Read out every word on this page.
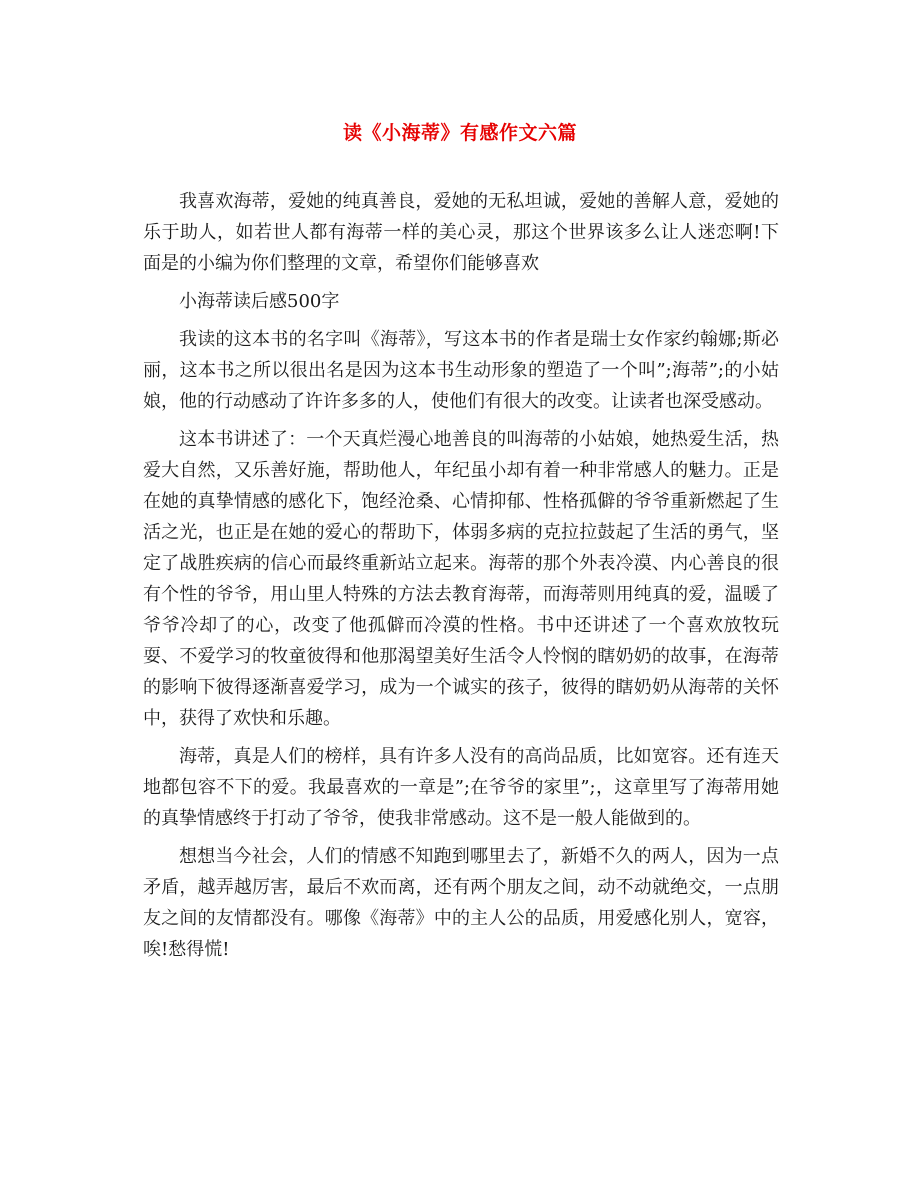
读《小海蒂》有感作文六篇

我喜欢海蒂，爱她的纯真善良，爱她的无私坦诚，爱她的善解人意，爱她的乐于助人，如若世人都有海蒂一样的美心灵，那这个世界该多么让人迷恋啊!下面是的小编为你们整理的文章，希望你们能够喜欢

小海蒂读后感500字

我读的这本书的名字叫《海蒂》，写这本书的作者是瑞士女作家约翰娜;斯必丽，这本书之所以很出名是因为这本书生动形象的塑造了一个叫”;海蒂”;的小姑娘，他的行动感动了许许多多的人，使他们有很大的改变。让读者也深受感动。

这本书讲述了：一个天真烂漫心地善良的叫海蒂的小姑娘，她热爱生活，热爱大自然，又乐善好施，帮助他人，年纪虽小却有着一种非常感人的魅力。正是在她的真挚情感的感化下，饱经沧桑、心情抑郁、性格孤僻的爷爷重新燃起了生活之光，也正是在她的爱心的帮助下，体弱多病的克拉拉鼓起了生活的勇气，坚定了战胜疾病的信心而最终重新站立起来。海蒂的那个外表冷漠、内心善良的很有个性的爷爷，用山里人特殊的方法去教育海蒂，而海蒂则用纯真的爱，温暖了爷爷冷却了的心，改变了他孤僻而冷漠的性格。书中还讲述了一个喜欢放牧玩耍、不爱学习的牧童彼得和他那渴望美好生活令人怜悯的瞎奶奶的故事，在海蒂的影响下彼得逐渐喜爱学习，成为一个诚实的孩子，彼得的瞎奶奶从海蒂的关怀中，获得了欢快和乐趣。

海蒂，真是人们的榜样，具有许多人没有的高尚品质，比如宽容。还有连天地都包容不下的爱。我最喜欢的一章是”;在爷爷的家里”;，这章里写了海蒂用她的真挚情感终于打动了爷爷，使我非常感动。这不是一般人能做到的。

想想当今社会，人们的情感不知跑到哪里去了，新婚不久的两人，因为一点矛盾，越弄越厉害，最后不欢而离，还有两个朋友之间，动不动就绝交，一点朋友之间的友情都没有。哪像《海蒂》中的主人公的品质，用爱感化别人，宽容，唉!愁得慌!
